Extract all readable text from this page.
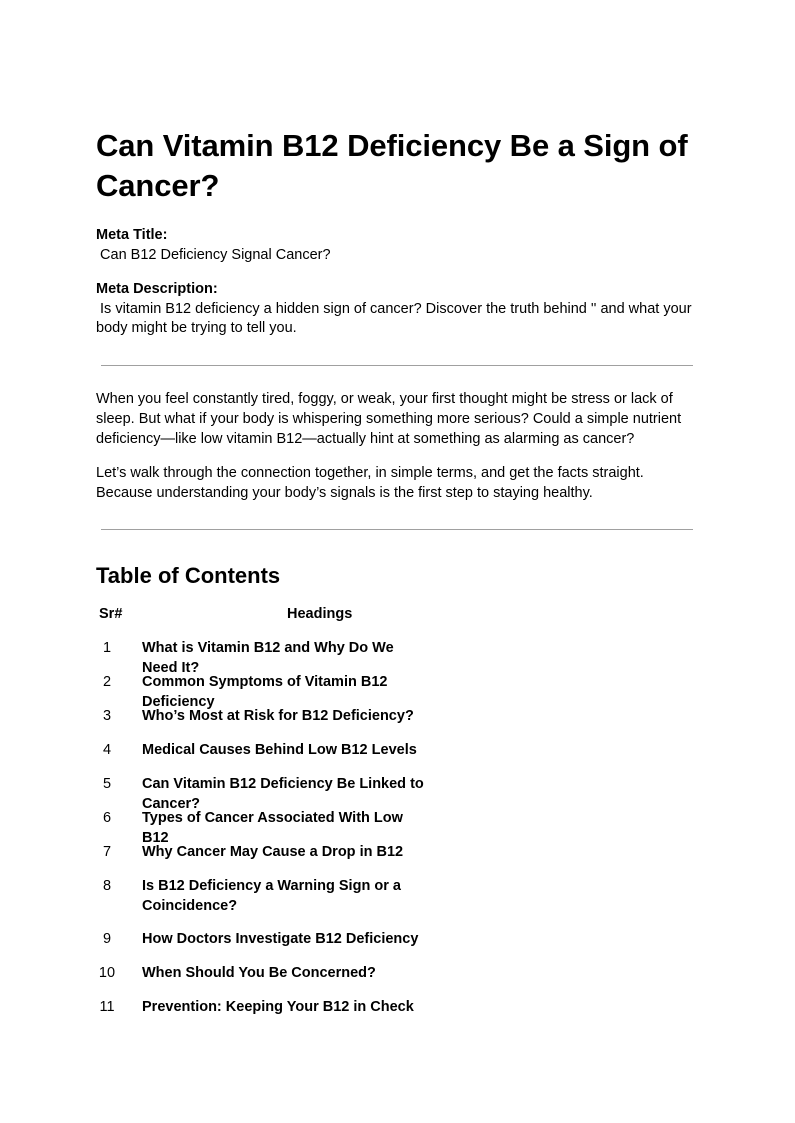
Can Vitamin B12 Deficiency Be a Sign of Cancer?
Meta Title:
Can B12 Deficiency Signal Cancer?
Meta Description:
Is vitamin B12 deficiency a hidden sign of cancer? Discover the truth behind '' and what your body might be trying to tell you.

When you feel constantly tired, foggy, or weak, your first thought might be stress or lack of sleep. But what if your body is whispering something more serious? Could a simple nutrient deficiency—like low vitamin B12—actually hint at something as alarming as cancer?

Let’s walk through the connection together, in simple terms, and get the facts straight. Because understanding your body’s signals is the first step to staying healthy.

Table of Contents
Sr#	Headings
1	What is Vitamin B12 and Why Do We Need It?
2	Common Symptoms of Vitamin B12 Deficiency
3	Who’s Most at Risk for B12 Deficiency?
4	Medical Causes Behind Low B12 Levels
5	Can Vitamin B12 Deficiency Be Linked to Cancer?
6	Types of Cancer Associated With Low B12
7	Why Cancer May Cause a Drop in B12
8	Is B12 Deficiency a Warning Sign or a Coincidence?
9	How Doctors Investigate B12 Deficiency
10 When Should You Be Concerned?
11 Prevention: Keeping Your B12 in Check
